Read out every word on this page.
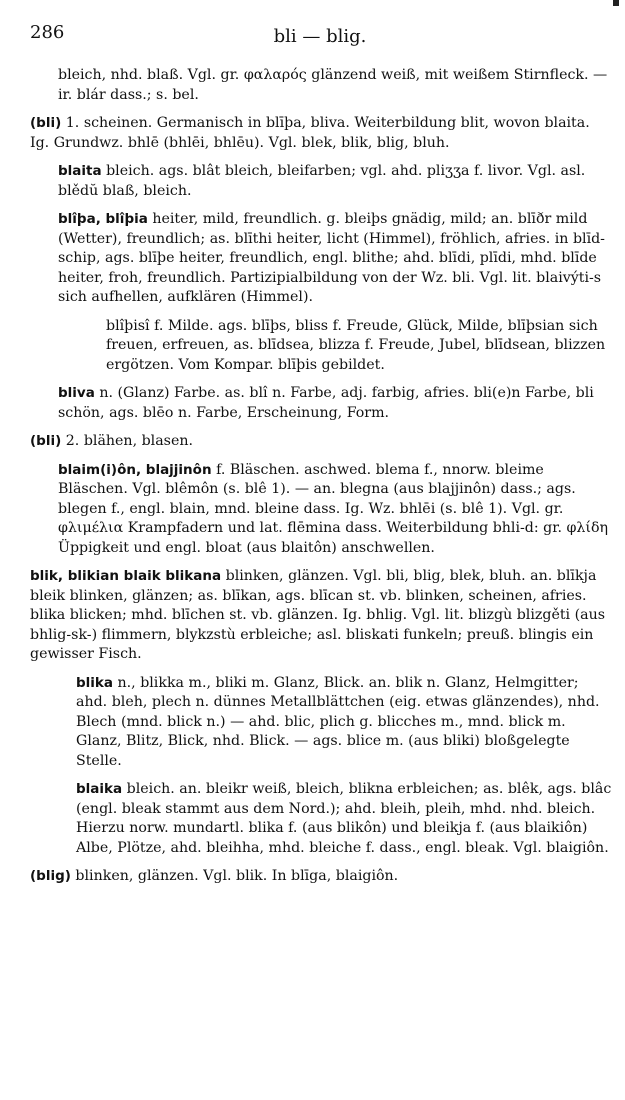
286	bli — blig.

bleich, nhd. blaß. Vgl. gr. φαλαρός glänzend weiß, mit weißem Stirnfleck. — ir. blár dass.; s. bel.

(bli) 1. scheinen. Germanisch in blīþa, bliva. Weiterbildung blit, wovon blaita. Ig. Grundwz. bhlē (bhlēi, bhlēu). Vgl. blek, blik, blig, bluh.

blaita bleich. ags. blât bleich, bleifarben; vgl. ahd. pliʒʒa f. livor. Vgl. asl. blědŭ blaß, bleich.

blîþa, blîþia heiter, mild, freundlich. g. bleiþs gnädig, mild; an. blīðr mild (Wetter), freundlich; as. blīthi heiter, licht (Himmel), fröhlich, afries. in blīd-schip, ags. blīþe heiter, freundlich, engl. blithe; ahd. blīdi, plīdi, mhd. blīde heiter, froh, freundlich. Partizipialbildung von der Wz. bli. Vgl. lit. blaivýti-s sich aufhellen, aufklären (Himmel).

blîþisî f. Milde. ags. blīþs, bliss f. Freude, Glück, Milde, blīþsian sich freuen, erfreuen, as. blīdsea, blizza f. Freude, Jubel, blīdsean, blizzen ergötzen. Vom Kompar. blīþis gebildet.

bliva n. (Glanz) Farbe. as. blî n. Farbe, adj. farbig, afries. bli(e)n Farbe, bli schön, ags. blēo n. Farbe, Erscheinung, Form.

(bli) 2. blähen, blasen.

blaim(i)ôn, blajjinôn f. Bläschen. aschwed. blema f., nnorw. bleime Bläschen. Vgl. blêmôn (s. blê 1). — an. blegna (aus blajjinôn) dass.; ags. blegen f., engl. blain, mnd. bleine dass. Ig. Wz. bhlēi (s. blê 1). Vgl. gr. φλιμέλια Krampfadern und lat. flēmina dass. Weiterbildung bhli-d: gr. φλίδη Üppigkeit und engl. bloat (aus blaitôn) anschwellen.

blik, blikian blaik blikana blinken, glänzen. Vgl. bli, blig, blek, bluh. an. blīkja bleik blinken, glänzen; as. blīkan, ags. blīcan st. vb. blinken, scheinen, afries. blika blicken; mhd. blīchen st. vb. glänzen. Ig. bhlig. Vgl. lit. blizgù blizgěti (aus bhlig-sk-) flimmern, blykzstù erbleiche; asl. bliskati funkeln; preuß. blingis ein gewisser Fisch.

blika n., blikka m., bliki m. Glanz, Blick. an. blik n. Glanz, Helmgitter; ahd. bleh, plech n. dünnes Metallblättchen (eig. etwas glänzendes), nhd. Blech (mnd. blick n.) — ahd. blic, plich g. blicches m., mnd. blick m. Glanz, Blitz, Blick, nhd. Blick. — ags. blice m. (aus bliki) bloßgelegte Stelle.

blaika bleich. an. bleikr weiß, bleich, blikna erbleichen; as. blêk, ags. blâc (engl. bleak stammt aus dem Nord.); ahd. bleih, pleih, mhd. nhd. bleich. Hierzu norw. mundartl. blika f. (aus blikôn) und bleikja f. (aus blaikiôn) Albe, Plötze, ahd. bleihha, mhd. bleiche f. dass., engl. bleak. Vgl. blaigiôn.

(blig) blinken, glänzen. Vgl. blik. In blīga, blaigiôn.
